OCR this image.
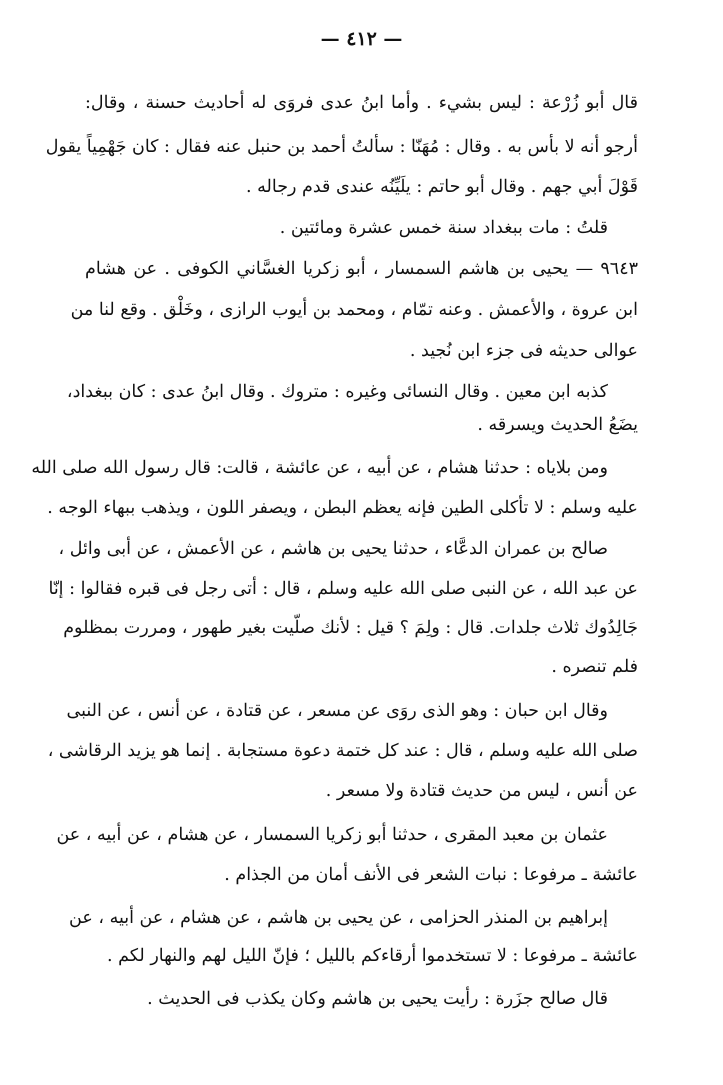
— ٤١٢ —
قال أبو زُرْعة : ليس بشيء . وأما ابنُ عدى فروَى له أحاديث حسنة ، وقال:
أرجو أنه لا بأس به . وقال : مُهَنّا : سألتُ أحمد بن حنبل عنه فقال : كان جَهْمِياً يقول
قَوْلَ أبي جهم . وقال أبو حاتم : يلَيِّنُه عندى قدم رجاله .
قلتُ : مات ببغداد سنة خمس عشرة ومائتين .
٩٦٤٣ — يحيى بن هاشم السمسار ، أبو زكريا الغسَّاني الكوفى . عن هشام
ابن عروة ، والأعمش . وعنه تمّام ، ومحمد بن أيوب الرازى ، وخَلْق . وقع لنا من
عوالى حديثه فى جزء ابن نُجيد .
كذبه ابن معين . وقال النسائى وغيره : متروك . وقال ابنُ عدى : كان ببغداد،
يضَعُ الحديث ويسرقه .
ومن بلاياه : حدثنا هشام ، عن أبيه ، عن عائشة ، قالت: قال رسول الله صلى الله
عليه وسلم : لا تأكلى الطين فإنه يعظم البطن ، ويصفر اللون ، ويذهب ببهاء الوجه .
صالح بن عمران الدعَّاء ، حدثنا يحيى بن هاشم ، عن الأعمش ، عن أبى وائل ،
عن عبد الله ، عن النبى صلى الله عليه وسلم ، قال : أتى رجل فى قبره فقالوا : إنّا
جَالِدُوك ثلاث جلدات. قال : ولِمَ ؟ قيل : لأنك صلّيت بغير طهور ، ومررت بمظلوم
فلم تنصره .
وقال ابن حبان : وهو الذى روَى عن مسعر ، عن قتادة ، عن أنس ، عن النبى
صلى الله عليه وسلم ، قال : عند كل ختمة دعوة مستجابة . إنما هو يزيد الرقاشى ،
عن أنس ، ليس من حديث قتادة ولا مسعر .
عثمان بن معبد المقرى ، حدثنا أبو زكريا السمسار ، عن هشام ، عن أبيه ، عن
عائشة ـ مرفوعا : نبات الشعر فى الأنف أمان من الجذام .
إبراهيم بن المنذر الحزامى ، عن يحيى بن هاشم ، عن هشام ، عن أبيه ، عن
عائشة ـ مرفوعا : لا تستخدموا أرقاءكم بالليل ؛ فإنّ الليل لهم والنهار لكم .
قال صالح جزَرة : رأيت يحيى بن هاشم وكان يكذب فى الحديث .
